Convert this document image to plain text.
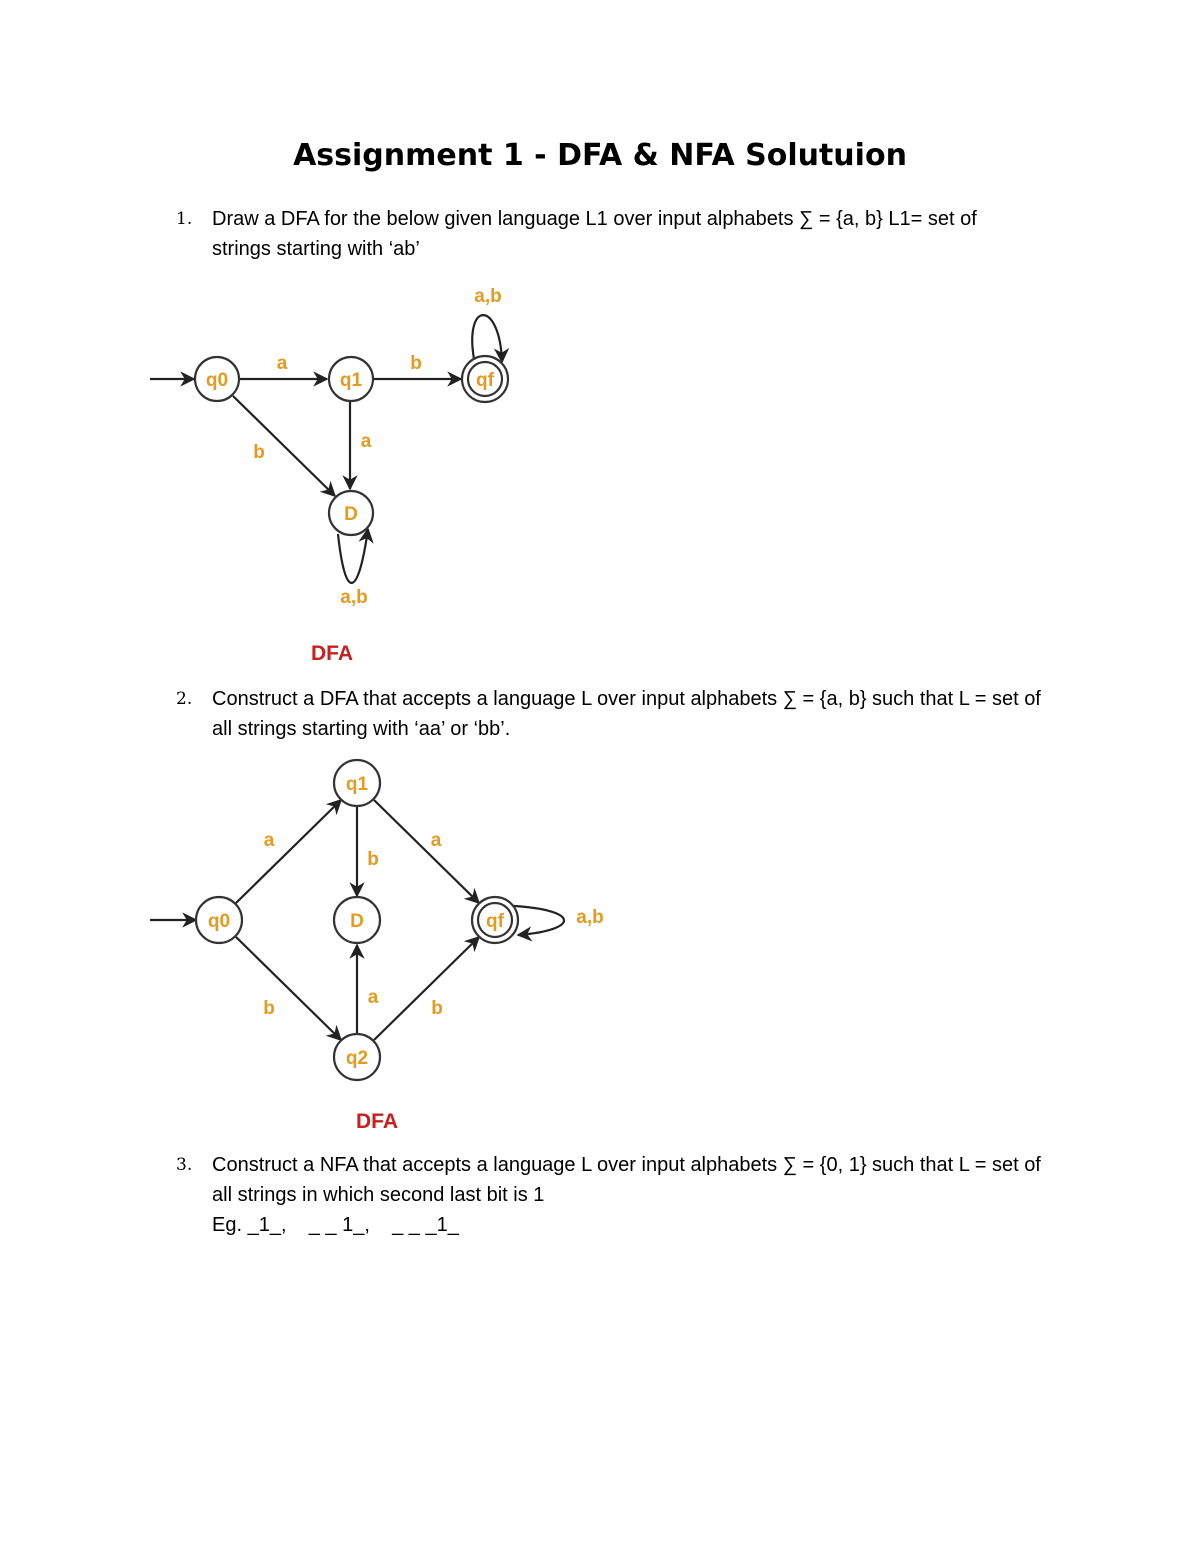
Assignment 1 - DFA & NFA Solutuion
1. Draw a DFA for the below given language L1 over input alphabets ∑ = {a, b} L1= set of

strings starting with ‘ab’

q0	q1	qf
D
a	b
a,b
b
a
a,b
DFA
2. Construct a DFA that accepts a language L over input alphabets ∑ = {a, b} such that L = set of

all strings starting with ‘aa’ or ‘bb’.

q0
q1
D
q2
qf
a
b
a
b
a
b
a,b
DFA
3. Construct a NFA that accepts a language L over input alphabets ∑ = {0, 1} such that L = set of

all strings in which second last bit is 1

Eg. _1_,    _ _ 1_,    _ _ _1_
